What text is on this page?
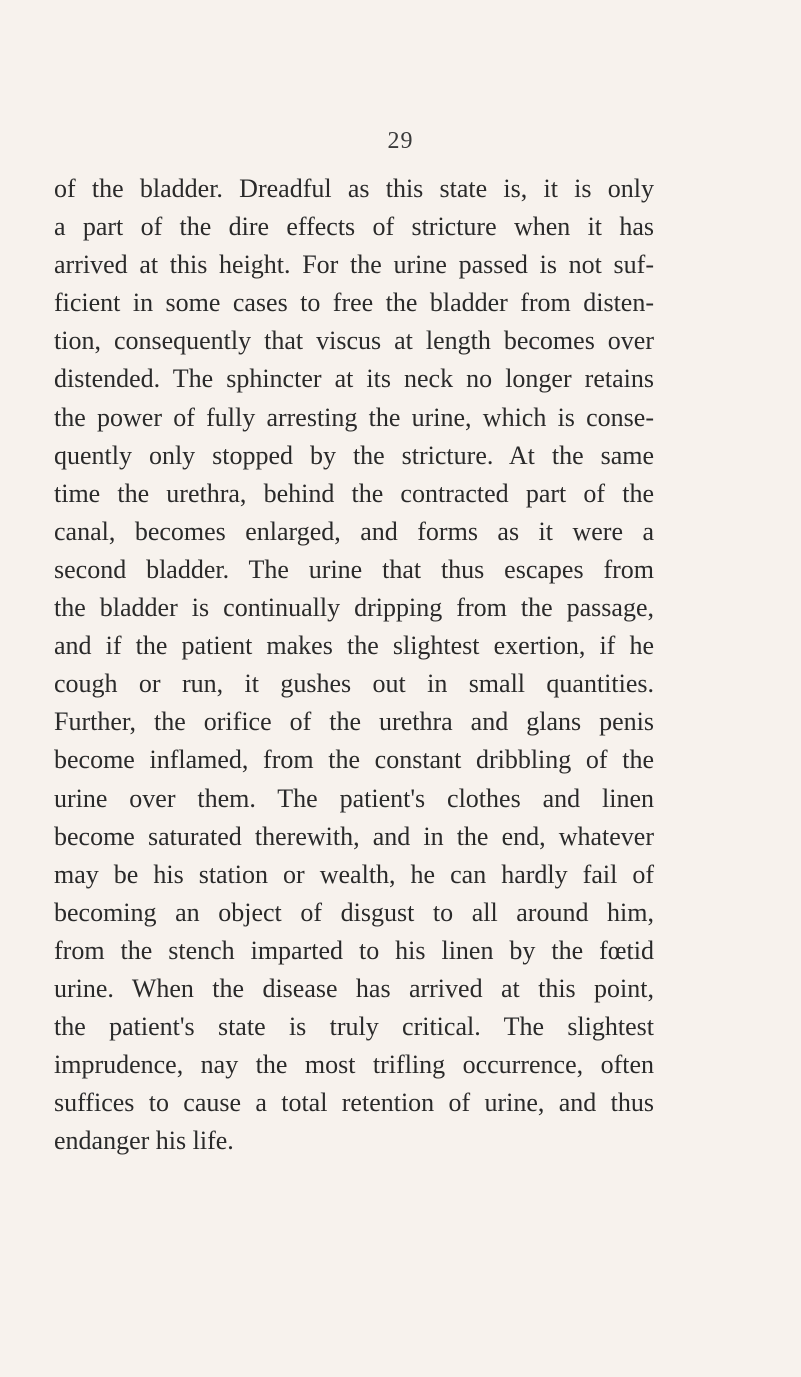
29
of the bladder. Dreadful as this state is, it is only
a part of the dire effects of stricture when it has
arrived at this height. For the urine passed is not suf-
ficient in some cases to free the bladder from disten-
tion, consequently that viscus at length becomes over
distended. The sphincter at its neck no longer retains
the power of fully arresting the urine, which is conse-
quently only stopped by the stricture. At the same
time the urethra, behind the contracted part of the
canal, becomes enlarged, and forms as it were a
second bladder. The urine that thus escapes from
the bladder is continually dripping from the passage,
and if the patient makes the slightest exertion, if he
cough or run, it gushes out in small quantities.
Further, the orifice of the urethra and glans penis
become inflamed, from the constant dribbling of the
urine over them. The patient's clothes and linen
become saturated therewith, and in the end, whatever
may be his station or wealth, he can hardly fail of
becoming an object of disgust to all around him,
from the stench imparted to his linen by the fœtid
urine. When the disease has arrived at this point,
the patient's state is truly critical. The slightest
imprudence, nay the most trifling occurrence, often
suffices to cause a total retention of urine, and thus
endanger his life.
